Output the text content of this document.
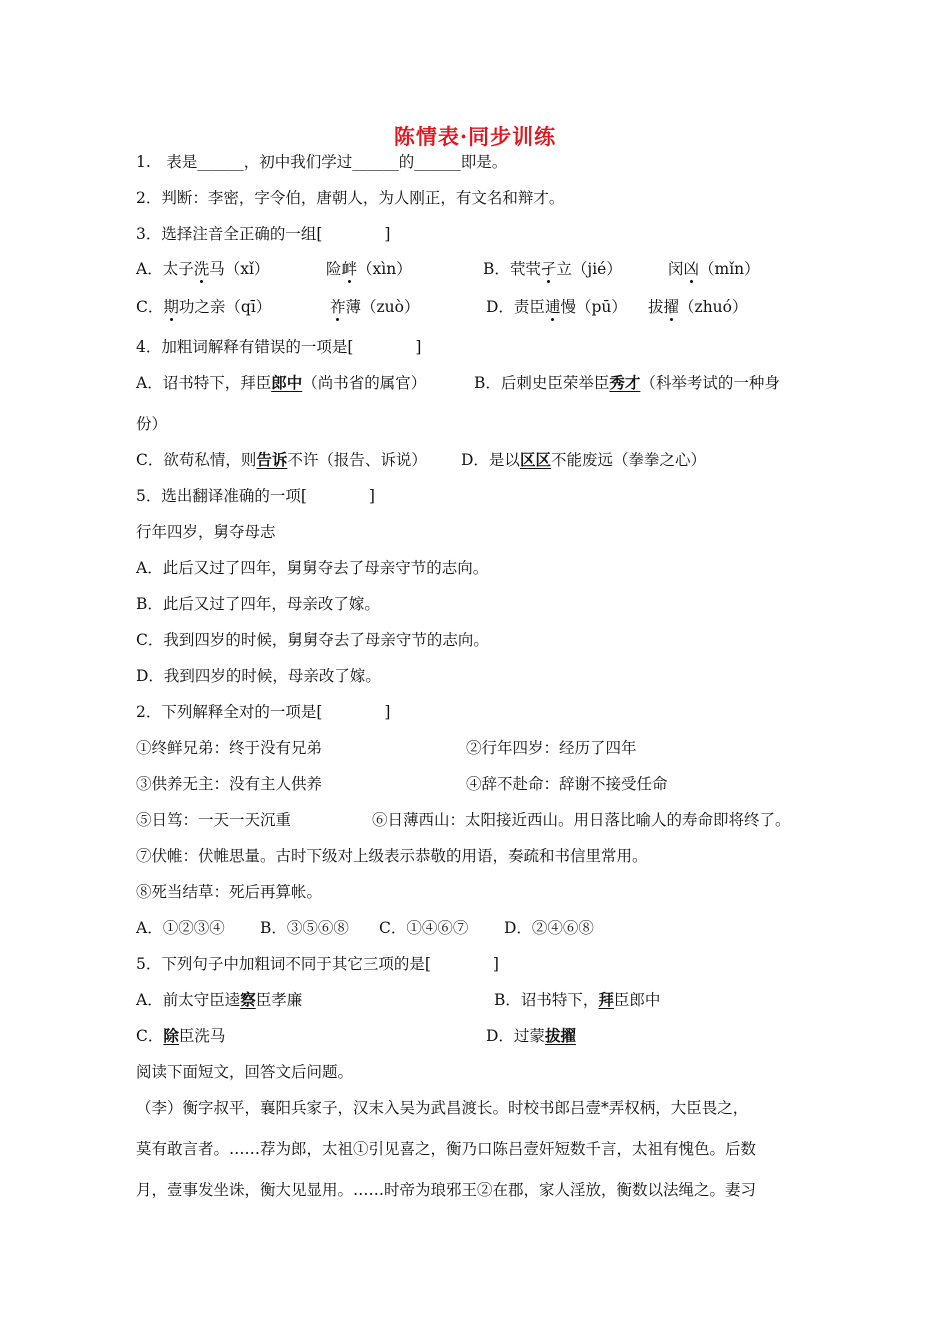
陈情表·同步训练
1.　表是______，初中我们学过______的______即是。
2．判断：李密，字令伯，唐朝人，为人刚正，有文名和辩才。
3．选择注音全正确的一组[　　　　]
A．太子洗马（xǐ）	险衅（xìn）	B．茕茕孑立（jié）	闵凶（mǐn）
C．期功之亲（qī）	祚薄（zuò）	D．责臣逋慢（pū） 拔擢（zhuó）
4．加粗词解释有错误的一项是[　　　　]
A．诏书特下，拜臣郎中（尚书省的属官）	B．后刺史臣荣举臣秀才（科举考试的一种身
份）
C．欲苟私情，则告诉不许（报告、诉说） D．是以区区不能废远（拳拳之心）
5．选出翻译准确的一项[　　　　]
行年四岁，舅夺母志
A．此后又过了四年，舅舅夺去了母亲守节的志向。
B．此后又过了四年，母亲改了嫁。
C．我到四岁的时候，舅舅夺去了母亲守节的志向。
D．我到四岁的时候，母亲改了嫁。
2．下列解释全对的一项是[　　　　]
①终鲜兄弟：终于没有兄弟	②行年四岁：经历了四年
③供养无主：没有主人供养	④辞不赴命：辞谢不接受任命
⑤日笃：一天一天沉重	⑥日薄西山：太阳接近西山。用日落比喻人的寿命即将终了。
⑦伏帷：伏帷思量。古时下级对上级表示恭敬的用语，奏疏和书信里常用。
⑧死当结草：死后再算帐。
A．①②③④ B．③⑤⑥⑧ C．①④⑥⑦ D．②④⑥⑧
5．下列句子中加粗词不同于其它三项的是[　　　　]
A．前太守臣逵察臣孝廉	B．诏书特下，拜臣郎中
C．除臣洗马	D．过蒙拔擢
阅读下面短文，回答文后问题。
（李）衡字叔平，襄阳兵家子，汉末入吴为武昌渡长。时校书郎吕壹*弄权柄，大臣畏之，
莫有敢言者。……荐为郎，太祖①引见喜之，衡乃口陈吕壹奸短数千言，太祖有愧色。后数
月，壹事发坐诛，衡大见显用。……时帝为琅邪王②在郡，家人淫放，衡数以法绳之。妻习
